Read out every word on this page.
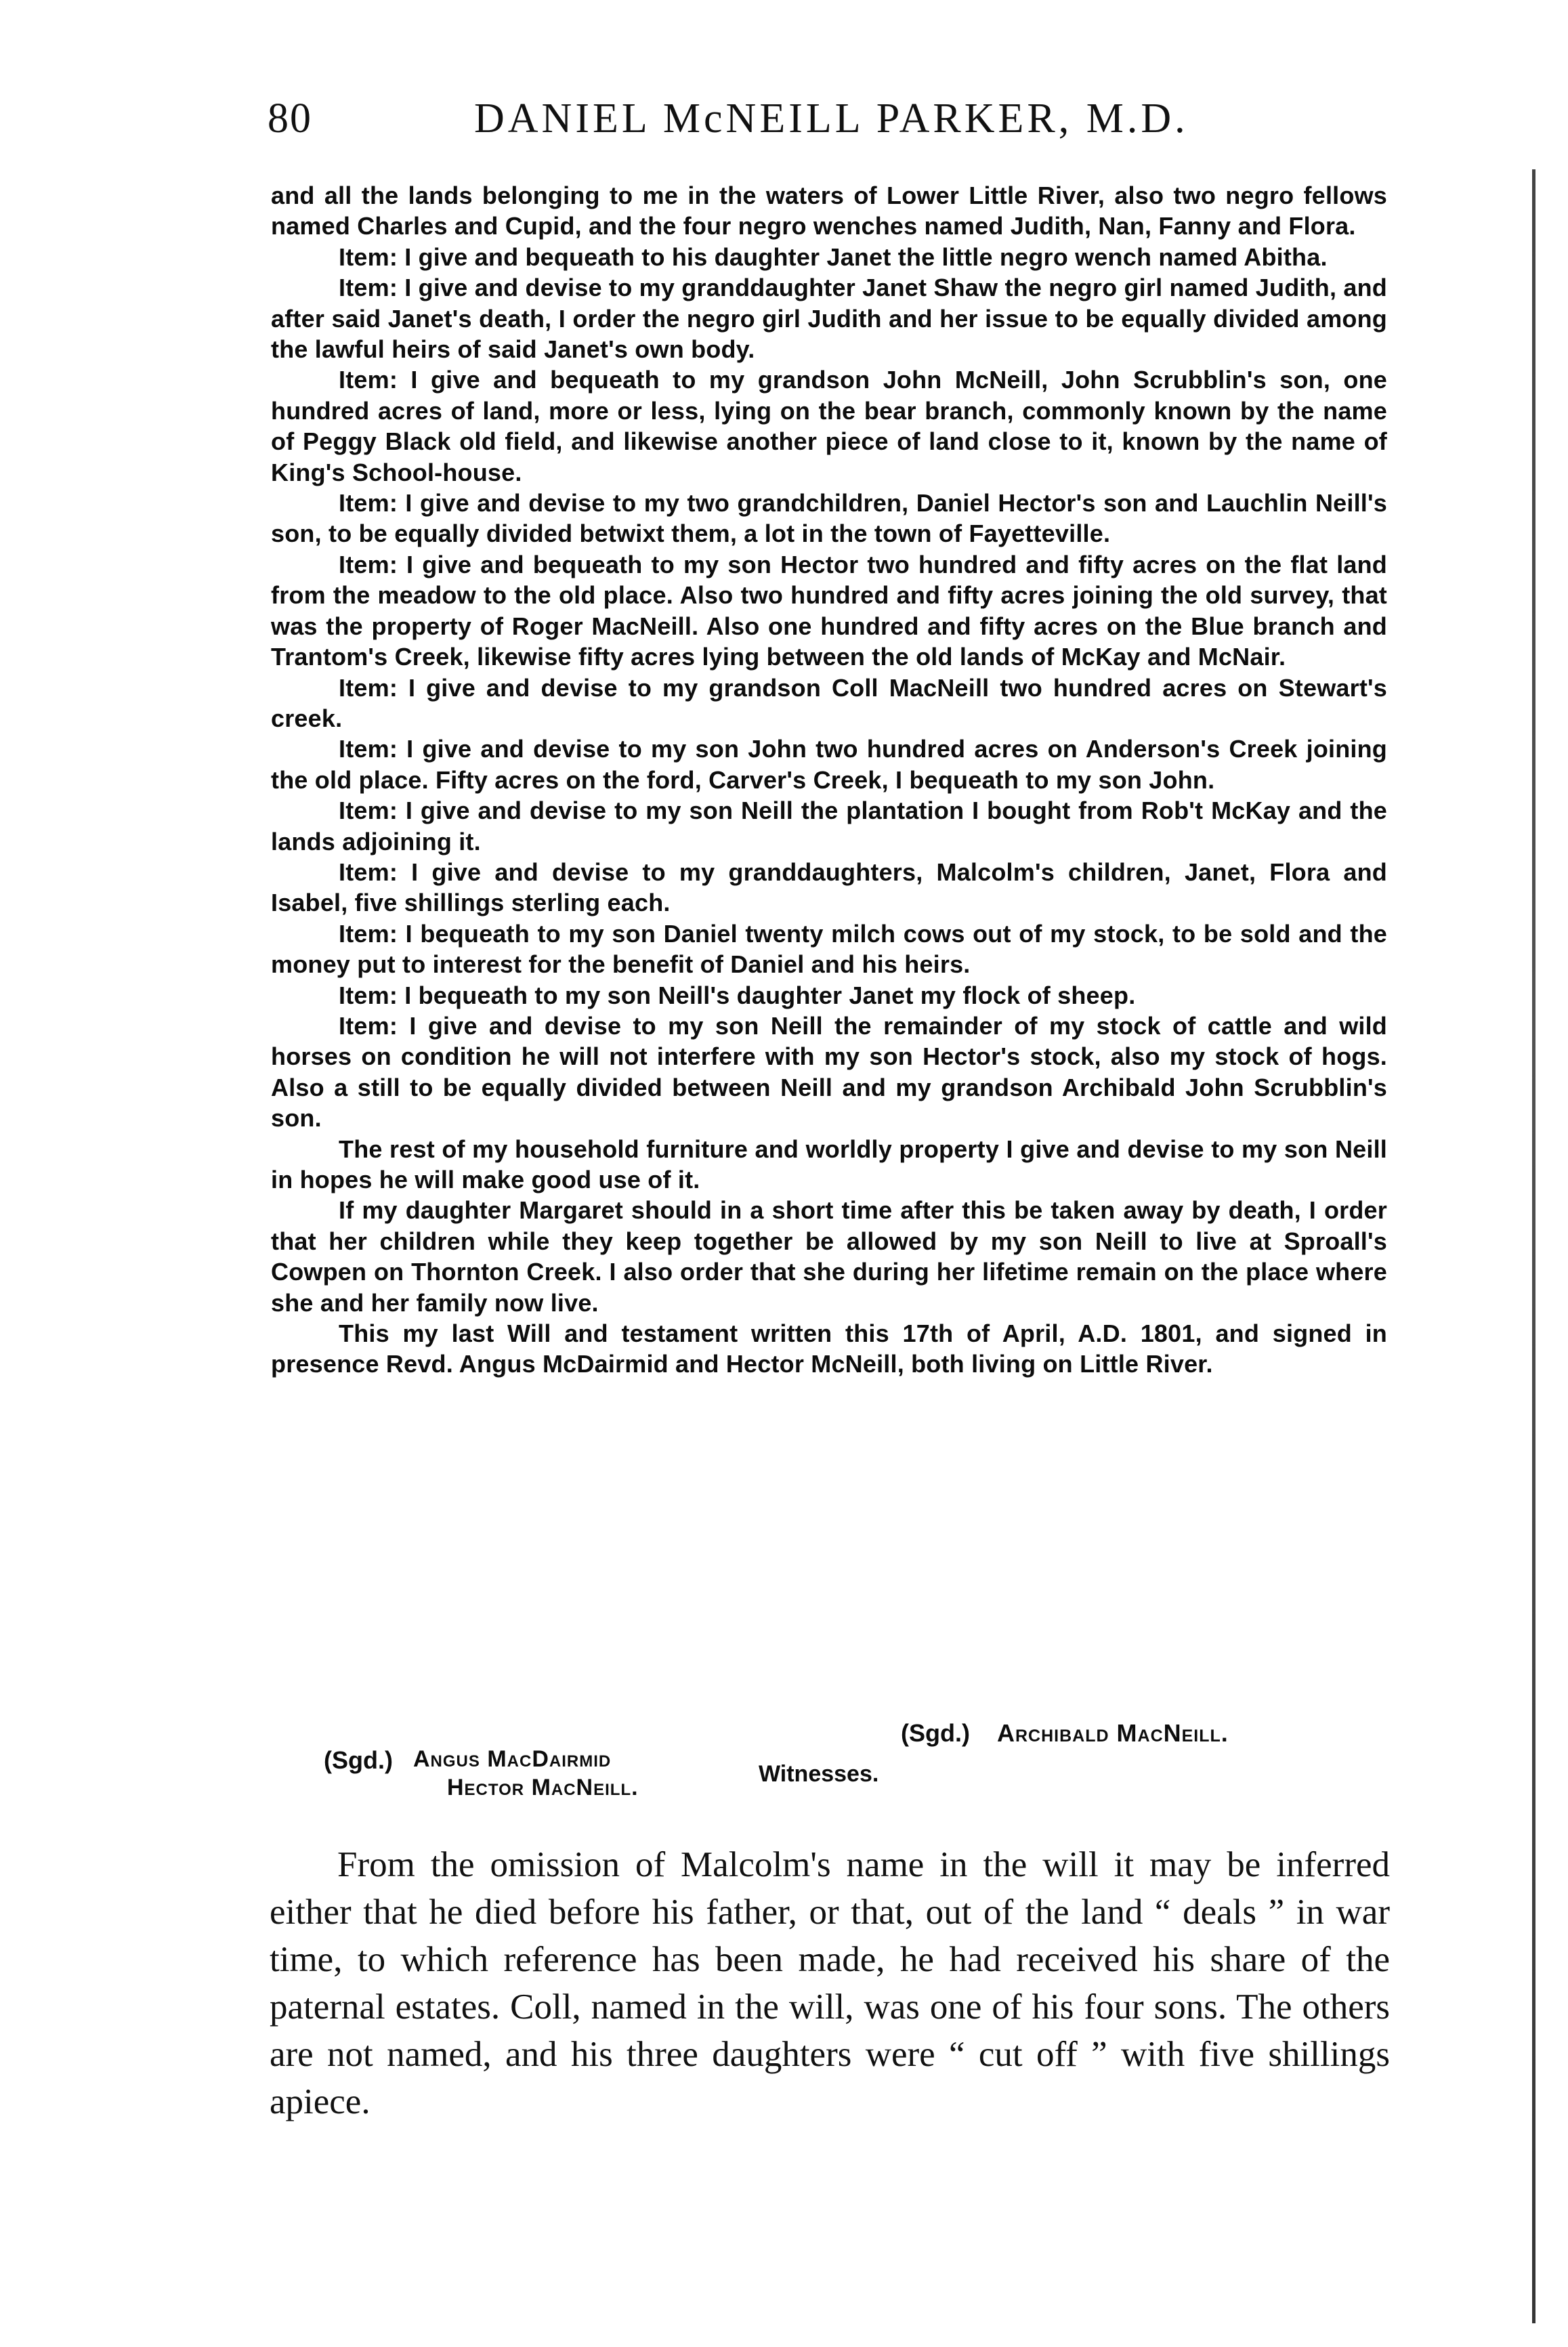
80	DANIEL McNEILL PARKER, M.D.

and all the lands belonging to me in the waters of Lower Little River, also two negro fellows named Charles and Cupid, and the four negro wenches named Judith, Nan, Fanny and Flora.

Item: I give and bequeath to his daughter Janet the little negro wench named Abitha.

Item: I give and devise to my granddaughter Janet Shaw the negro girl named Judith, and after said Janet's death, I order the negro girl Judith and her issue to be equally divided among the lawful heirs of said Janet's own body.

Item: I give and bequeath to my grandson John McNeill, John Scrubblin's son, one hundred acres of land, more or less, lying on the bear branch, commonly known by the name of Peggy Black old field, and likewise another piece of land close to it, known by the name of King's School-house.

Item: I give and devise to my two grandchildren, Daniel Hector's son and Lauchlin Neill's son, to be equally divided betwixt them, a lot in the town of Fayetteville.

Item: I give and bequeath to my son Hector two hundred and fifty acres on the flat land from the meadow to the old place. Also two hundred and fifty acres joining the old survey, that was the property of Roger MacNeill. Also one hundred and fifty acres on the Blue branch and Trantom's Creek, likewise fifty acres lying between the old lands of McKay and McNair.

Item: I give and devise to my grandson Coll MacNeill two hundred acres on Stewart's creek.

Item: I give and devise to my son John two hundred acres on Anderson's Creek joining the old place. Fifty acres on the ford, Carver's Creek, I bequeath to my son John.

Item: I give and devise to my son Neill the plantation I bought from Rob't McKay and the lands adjoining it.

Item: I give and devise to my granddaughters, Malcolm's children, Janet, Flora and Isabel, five shillings sterling each.

Item: I bequeath to my son Daniel twenty milch cows out of my stock, to be sold and the money put to interest for the benefit of Daniel and his heirs.

Item: I bequeath to my son Neill's daughter Janet my flock of sheep.

Item: I give and devise to my son Neill the remainder of my stock of cattle and wild horses on condition he will not interfere with my son Hector's stock, also my stock of hogs. Also a still to be equally divided between Neill and my grandson Archibald John Scrubblin's son.

The rest of my household furniture and worldly property I give and devise to my son Neill in hopes he will make good use of it.

If my daughter Margaret should in a short time after this be taken away by death, I order that her children while they keep together be allowed by my son Neill to live at Sproall's Cowpen on Thornton Creek. I also order that she during her lifetime remain on the place where she and her family now live.

This my last Will and testament written this 17th of April, A.D. 1801, and signed in presence Revd. Angus McDairmid and Hector McNeill, both living on Little River.

(Sgd.) Archibald MacNeill.
(Sgd.) Angus MacDairmid
Hector MacNeill.
Witnesses.

From the omission of Malcolm's name in the will it may be inferred either that he died before his father, or that, out of the land “ deals ” in war time, to which reference has been made, he had received his share of the paternal estates. Coll, named in the will, was one of his four sons. The others are not named, and his three daughters were “ cut off ” with five shillings apiece.
